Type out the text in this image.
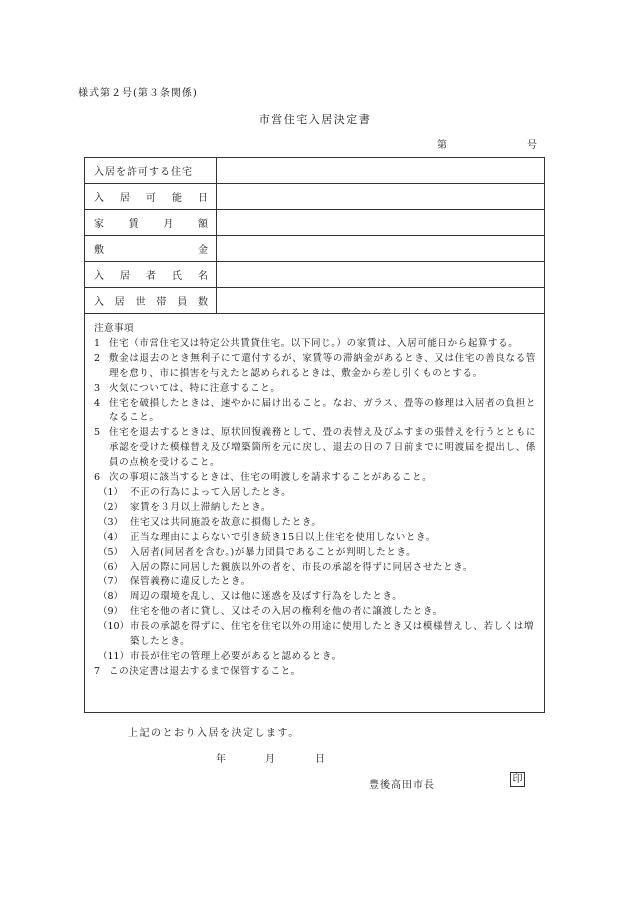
様式第２号(第３条関係)
市営住宅入居決定書
第	号
入居を許可する住宅
入 居 可 能 日
家 賃 月 額
敷	金
入 居 者 氏 名
入 居 世 帯 員 数
注意事項
1 住宅（市営住宅又は特定公共賃貸住宅。以下同じ。）の家賃は、入居可能日から起算する。
2 敷金は退去のとき無利子にて還付するが、家賃等の滞納金があるとき、又は住宅の善良なる管理を怠り、市に損害を与えたと認められるときは、敷金から差し引くものとする。
3 火気については、特に注意すること。
4 住宅を破損したときは、速やかに届け出ること。なお、ガラス、畳等の修理は入居者の負担となること。
5 住宅を退去するときは、原状回復義務として、畳の表替え及びふすまの張替えを行うとともに承認を受けた模様替え及び増築箇所を元に戻し、退去の日の７日前までに明渡届を提出し、係員の点検を受けること。
6 次の事項に該当するときは、住宅の明渡しを請求することがあること。
（1） 不正の行為によって入居したとき。
（2） 家賃を３月以上滞納したとき。
（3） 住宅又は共同施設を故意に損傷したとき。
（4） 正当な理由によらないで引き続き15日以上住宅を使用しないとき。
（5） 入居者(同居者を含む。)が暴力団員であることが判明したとき。
（6） 入居の際に同居した親族以外の者を、市長の承認を得ずに同居させたとき。
（7） 保管義務に違反したとき。
（8） 周辺の環境を乱し、又は他に迷惑を及ぼす行為をしたとき。
（9） 住宅を他の者に貸し、又はその入居の権利を他の者に譲渡したとき。
（10） 市長の承認を得ずに、住宅を住宅以外の用途に使用したとき又は模様替えし、若しくは増築したとき。
（11） 市長が住宅の管理上必要があると認めるとき。
7 この決定書は退去するまで保管すること。
上記のとおり入居を決定します。
年	月	日
豊後高田市長
印
